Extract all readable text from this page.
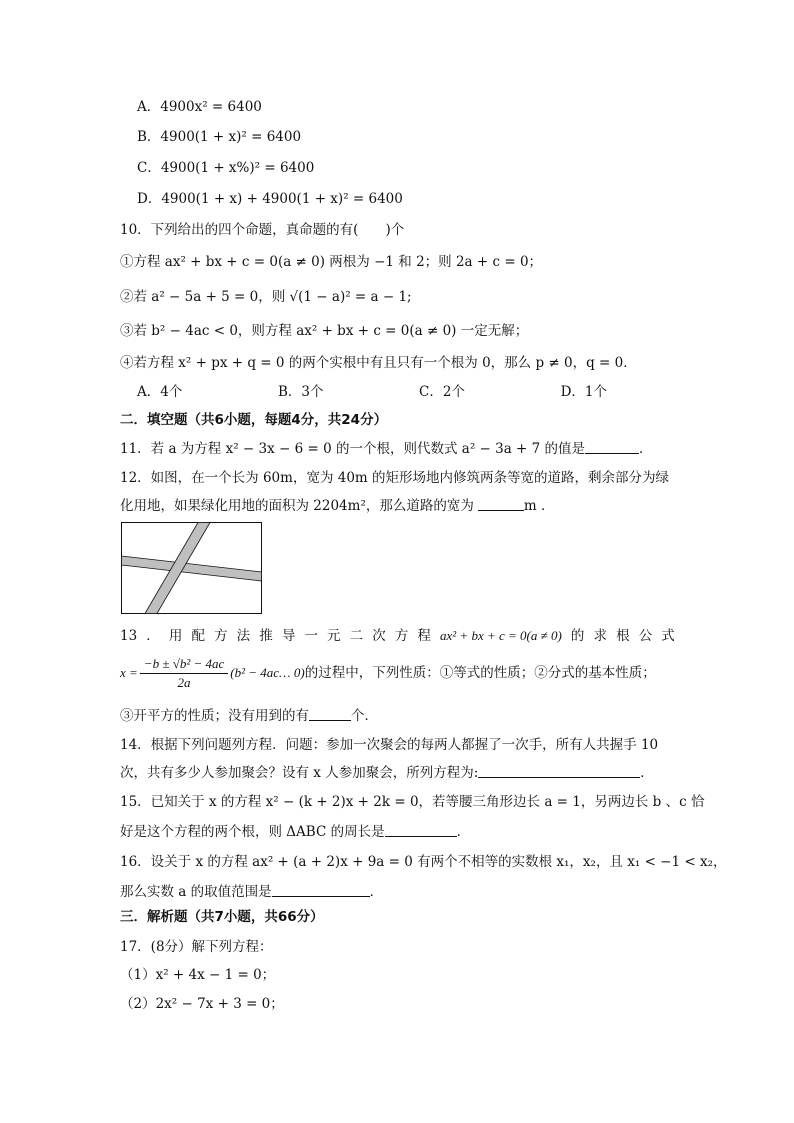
A．4900x² = 6400
B．4900(1 + x)² = 6400
C．4900(1 + x%)² = 6400
D．4900(1 + x) + 4900(1 + x)² = 6400
10．下列给出的四个命题，真命题的有(　　)个
①方程 ax² + bx + c = 0(a ≠ 0) 两根为 −1 和 2；则 2a + c = 0；
②若 a² − 5a + 5 = 0，则 √(1 − a)² = a − 1;
③若 b² − 4ac < 0，则方程 ax² + bx + c = 0(a ≠ 0) 一定无解；
④若方程 x² + px + q = 0 的两个实根中有且只有一个根为 0，那么 p ≠ 0，q = 0．
A．4个	B．3个	C．2个	D．1个
二．填空题（共6小题，每题4分，共24分）
11．若 a 为方程 x² − 3x − 6 = 0 的一个根，则代数式 a² − 3a + 7 的值是	．
12．如图，在一个长为 60m，宽为 40m 的矩形场地内修筑两条等宽的道路，剩余部分为绿
化用地，如果绿化用地的面积为 2204m²，那么道路的宽为	m ．
13 ． 用 配 方 法 推 导 一 元 二 次 方 程 ax² + bx + c = 0(a ≠ 0) 的 求 根 公 式
$x = \frac{\text{−b ± √b² − 4ac}}{2a} (b^2$ − 4ac… 0)的过程中，下列性质：①等式的性质；②分式的基本性质；
③开平方的性质；没有用到的有	个．
14．根据下列问题列方程．问题：参加一次聚会的每两人都握了一次手，所有人共握手 10
次，共有多少人参加聚会？设有 x 人参加聚会，所列方程为:	．
15．已知关于 x 的方程 x² − (k + 2)x + 2k = 0，若等腰三角形边长 a = 1，另两边长 b 、c 恰
好是这个方程的两个根，则 ΔABC 的周长是	．
16．设关于 x 的方程 ax² + (a + 2)x + 9a = 0 有两个不相等的实数根 x₁，x₂，且 x₁ < −1 < x₂，
那么实数 a 的取值范围是	．
三．解析题（共7小题，共66分）
17．(8分）解下列方程：
（1）x² + 4x − 1 = 0；
（2）2x² − 7x + 3 = 0；
